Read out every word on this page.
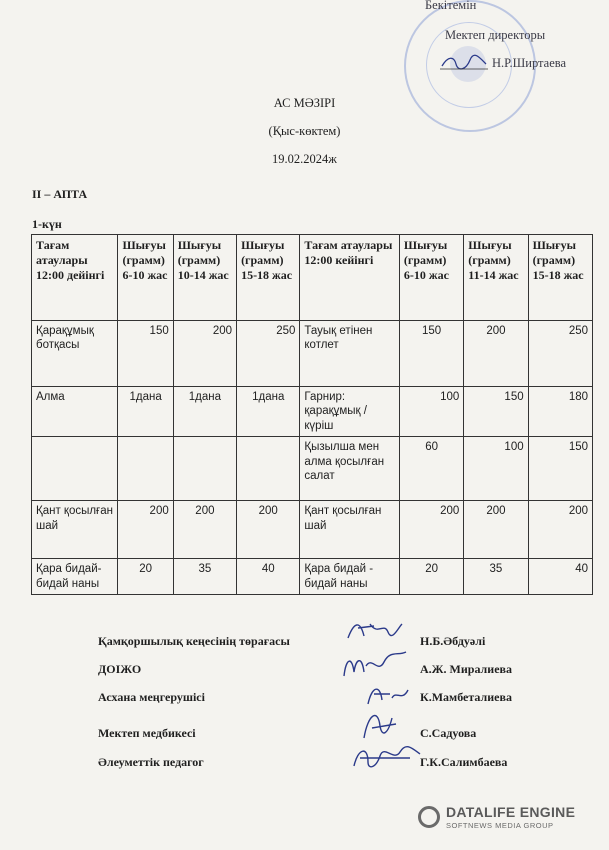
Бекітемін
Мектеп директоры
Н.Р.Ширтаева
АС МӘЗІРІ
(Қыс-көктем)
19.02.2024ж
ІІ – АПТА
1-күн
Тағам атаулары 12:00 дейінгі	Шығуы (грамм) 6-10 жас	Шығуы (грамм) 10-14 жас	Шығуы (грамм) 15-18 жас	Тағам атаулары 12:00 кейінгі	Шығуы (грамм) 6-10 жас	Шығуы (грамм) 11-14 жас	Шығуы (грамм) 15-18 жас
Қарақұмық ботқасы	150	200	250	Тауық етінен котлет	150	200	250
Алма	1дана	1дана	1дана	Гарнир: қарақұмық / күріш	100	150	180
				Қызылша мен алма қосылған салат	60	100	150
Қант қосылған шай	200	200	200	Қант қосылған шай	200	200	200
Қара бидай-бидай наны	20	35	40	Қара бидай - бидай наны	20	35	40
Қамқоршылық кеңесінің төрағасы	Н.Б.Әбдуәлі
ДОІЖО	А.Ж. Миралиева
Асхана меңгерушісі	К.Мамбеталиева
Мектеп медбикесі	С.Садуова
Әлеуметтік педагог	Г.К.Салимбаева
DATALIFE ENGINE
SOFTNEWS MEDIA GROUP
